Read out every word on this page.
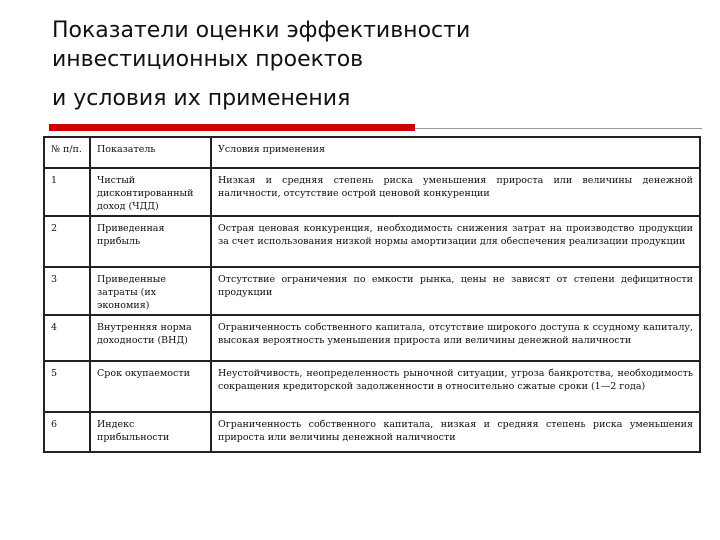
Показатели оценки эффективности
инвестиционных проектов
и условия их применения
№ п/п.	Показатель	Условия применения
1	Чистый дисконтированный доход (ЧДД)	Низкая и средняя степень риска уменьшения прироста или величины денежной наличности, отсутствие острой ценовой конкуренции
2	Приведенная прибыль	Острая ценовая конкуренция, необходимость снижения затрат на производство продукции за счет использования низкой нормы амортизации для обеспечения реализации продукции
3	Приведенные затраты (их экономия)	Отсутствие ограничения по емкости рынка, цены не зависят от степени дефицитности продукции
4	Внутренняя норма доходности (ВНД)	Ограниченность собственного капитала, отсутствие широкого доступа к ссудному капиталу, высокая вероятность уменьшения прироста или величины денежной наличности
5	Срок окупаемости	Неустойчивость, неопределенность рыночной ситуации, угроза банкротства, необходимость сокращения кредиторской задолженности в относительно сжатые сроки (1—2 года)
6	Индекс прибыльности	Ограниченность собственного капитала, низкая и средняя степень риска уменьшения прироста или величины денежной наличности
